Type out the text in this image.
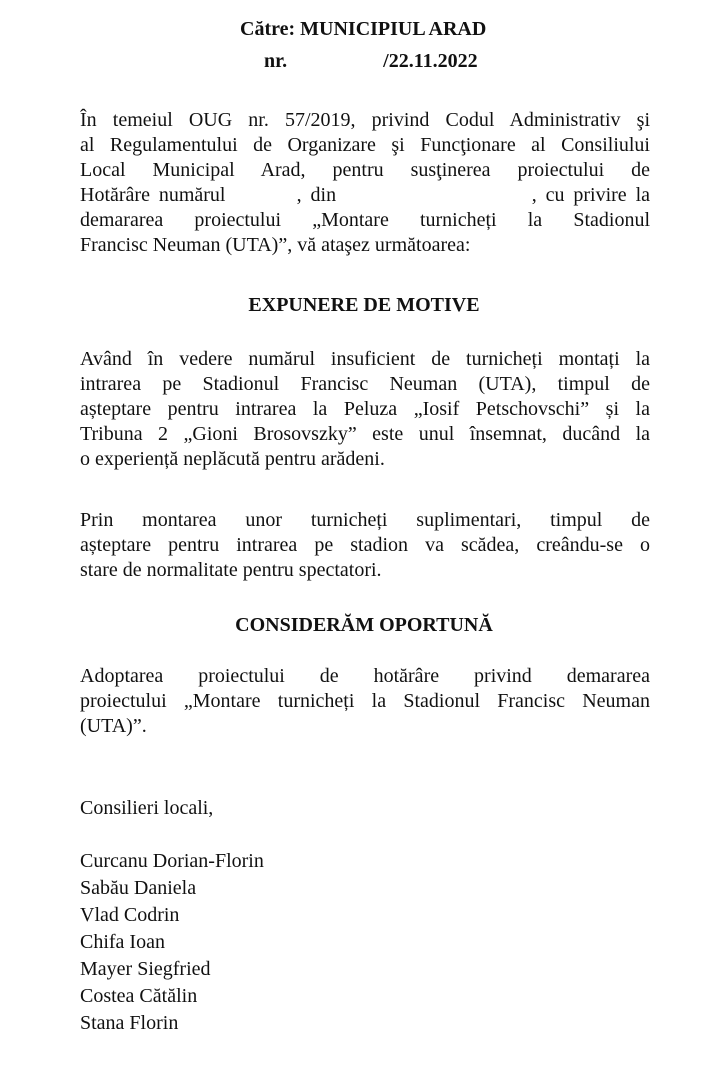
Către: MUNICIPIUL ARAD
nr.	/22.11.2022
În temeiul OUG nr. 57/2019, privind Codul Administrativ şi
al Regulamentului de Organizare şi Funcţionare al Consiliului
Local Municipal Arad, pentru susţinerea proiectului de
Hotărâre numărul        , din                      , cu privire la
demararea proiectului „Montare turnicheți la Stadionul
Francisc Neuman (UTA)”, vă ataşez următoarea:
EXPUNERE DE MOTIVE
Având în vedere numărul insuficient de turnicheți montați la
intrarea pe Stadionul Francisc Neuman (UTA), timpul de
așteptare pentru intrarea la Peluza „Iosif Petschovschi” și la
Tribuna 2 „Gioni Brosovszky” este unul însemnat, ducând la
o experiență neplăcută pentru arădeni.
Prin montarea unor turnicheți suplimentari, timpul de
așteptare pentru intrarea pe stadion va scădea, creându-se o
stare de normalitate pentru spectatori.
CONSIDERĂM OPORTUNĂ
Adoptarea proiectului de hotărâre privind demararea
proiectului „Montare turnicheți la Stadionul Francisc Neuman
(UTA)”.
Consilieri locali,
Curcanu Dorian-Florin
Sabău Daniela
Vlad Codrin
Chifa Ioan
Mayer Siegfried
Costea Cătălin
Stana Florin
